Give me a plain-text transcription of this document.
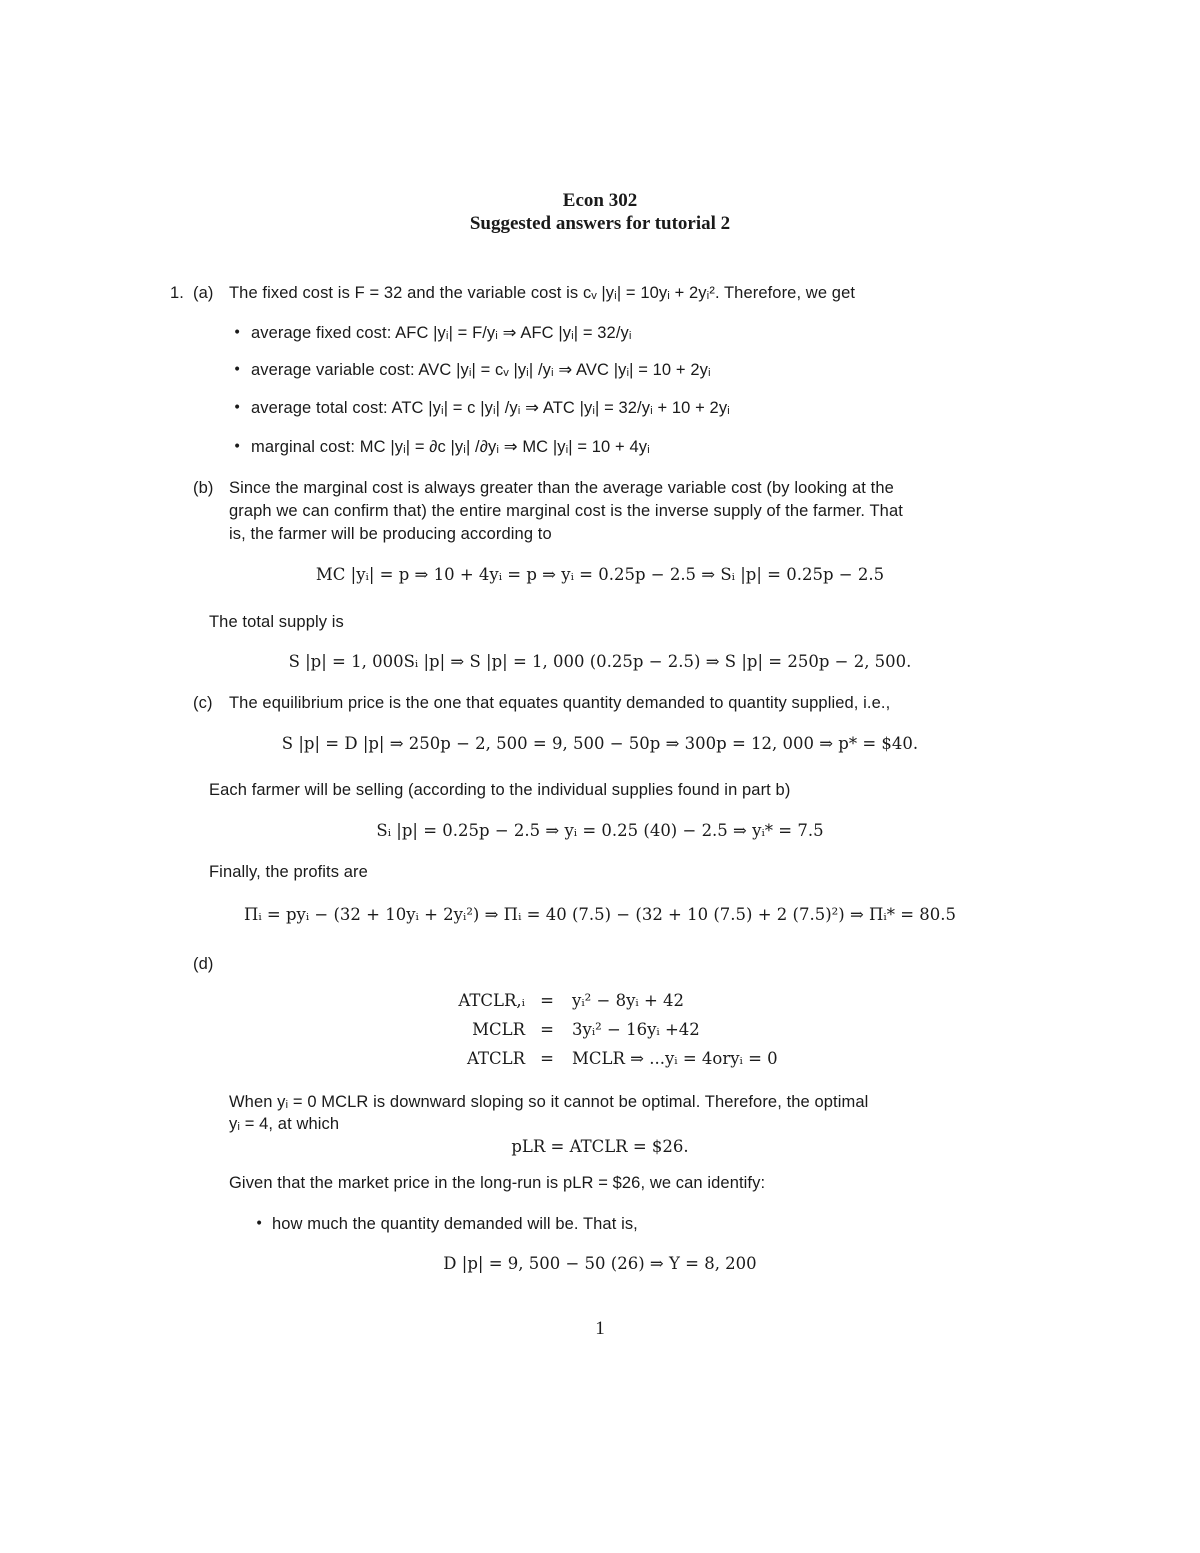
Econ 302
Suggested answers for tutorial 2
1. (a) The fixed cost is F = 32 and the variable cost is cᵥ |yᵢ| = 10yᵢ + 2yᵢ². Therefore, we get
• average fixed cost: AFC |yᵢ| = F/yᵢ ⇒ AFC |yᵢ| = 32/yᵢ
• average variable cost: AVC |yᵢ| = cᵥ |yᵢ| /yᵢ ⇒ AVC |yᵢ| = 10 + 2yᵢ
• average total cost: ATC |yᵢ| = c |yᵢ| /yᵢ ⇒ ATC |yᵢ| = 32/yᵢ + 10 + 2yᵢ
• marginal cost: MC |yᵢ| = ∂c |yᵢ| /∂yᵢ ⇒ MC |yᵢ| = 10 + 4yᵢ
(b) Since the marginal cost is always greater than the average variable cost (by looking at the
graph we can confirm that) the entire marginal cost is the inverse supply of the farmer. That
is, the farmer will be producing according to
MC |yᵢ| = p ⇒ 10 + 4yᵢ = p ⇒ yᵢ = 0.25p − 2.5 ⇒ Sᵢ |p| = 0.25p − 2.5
The total supply is
S |p| = 1, 000Sᵢ |p| ⇒ S |p| = 1, 000 (0.25p − 2.5) ⇒ S |p| = 250p − 2, 500.
(c) The equilibrium price is the one that equates quantity demanded to quantity supplied, i.e.,
S |p| = D |p| ⇒ 250p − 2, 500 = 9, 500 − 50p ⇒ 300p = 12, 000 ⇒ p* = $40.
Each farmer will be selling (according to the individual supplies found in part b)
Sᵢ |p| = 0.25p − 2.5 ⇒ yᵢ = 0.25 (40) − 2.5 ⇒ yᵢ* = 7.5
Finally, the profits are
Πᵢ = pyᵢ − (32 + 10yᵢ + 2yᵢ²) ⇒ Πᵢ = 40 (7.5) − (32 + 10 (7.5) + 2 (7.5)²) ⇒ Πᵢ* = 80.5
(d)
ATCLR,ᵢ =	yᵢ² − 8yᵢ + 42
MCLR =	3yᵢ² − 16yᵢ +42
ATCLR =	MCLR ⇒ ...yᵢ = 4oryᵢ = 0
When yᵢ = 0 MCLR is downward sloping so it cannot be optimal. Therefore, the optimal
yᵢ = 4, at which
pLR = ATCLR = $26.
Given that the market price in the long-run is pLR = $26, we can identify:
• how much the quantity demanded will be. That is,
D |p| = 9, 500 − 50 (26) ⇒ Y = 8, 200
1
